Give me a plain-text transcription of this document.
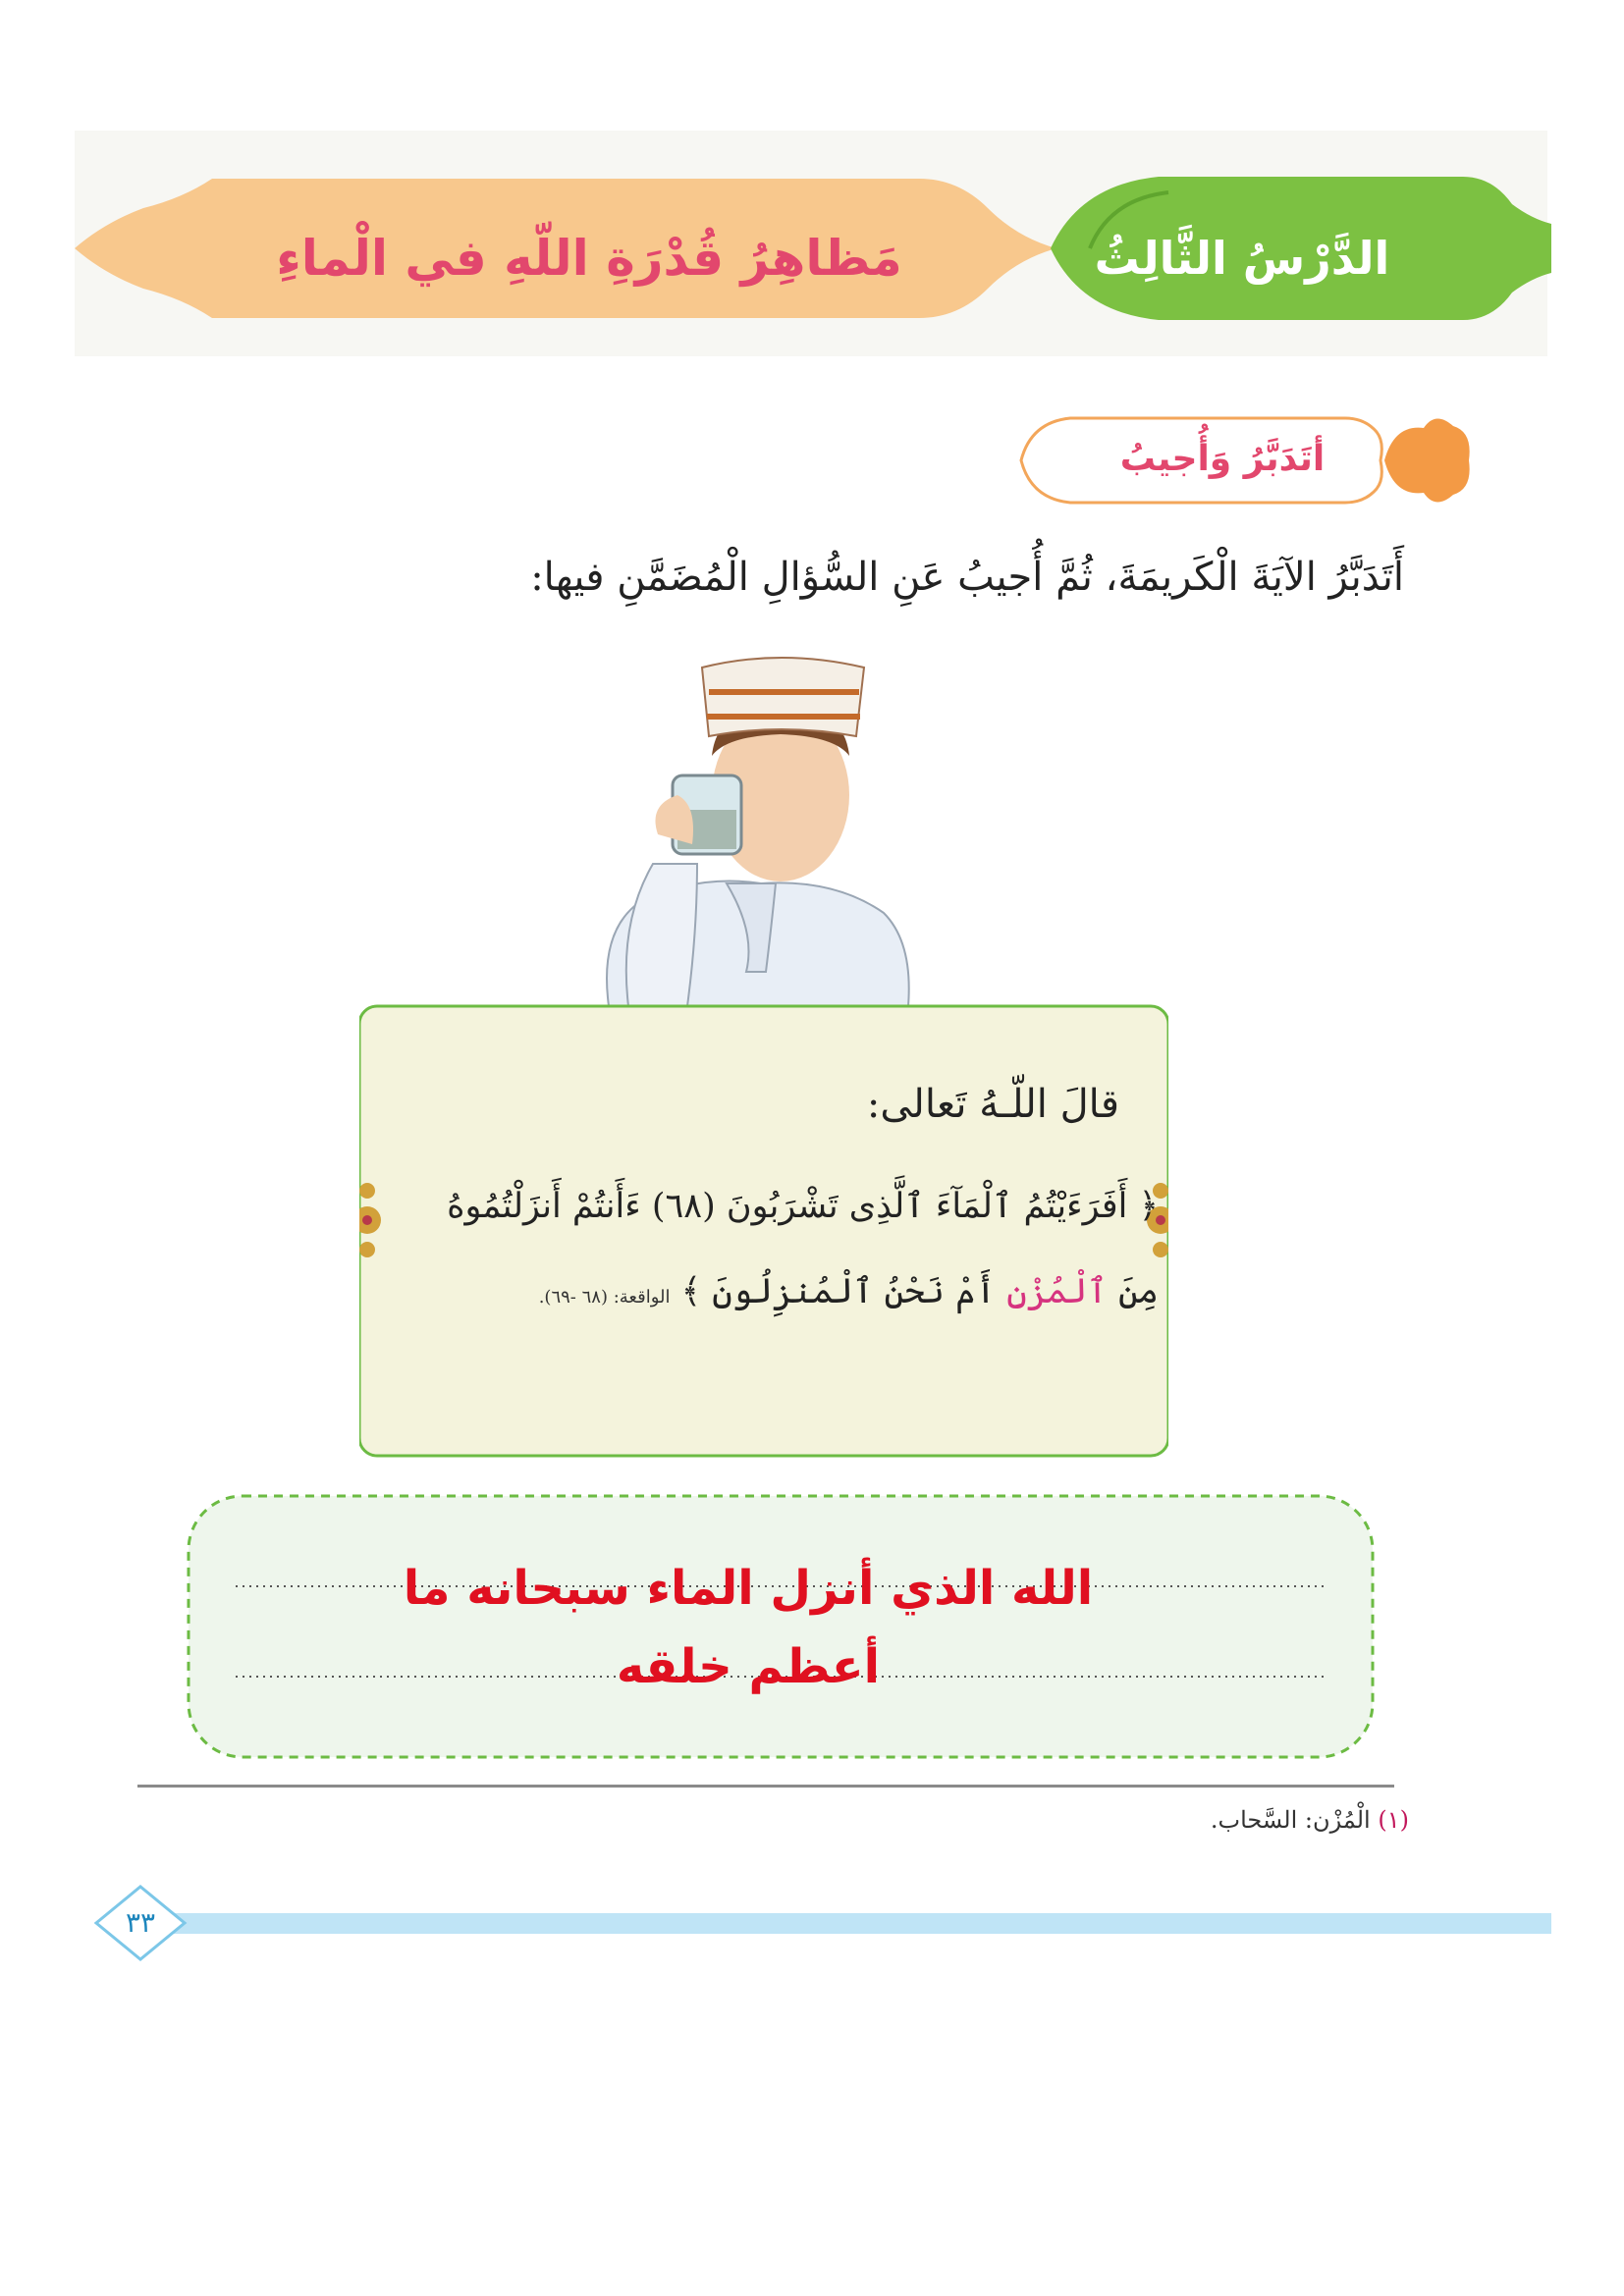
مَظاهِرُ قُدْرَةِ اللّهِ في الْماءِ	الدَّرْسُ الثَّالِثُ
أتَدَبَّرُ وَأُجيبُ
أَتَدَبَّرُ الآيَةَ الْكَريمَةَ، ثُمَّ أُجيبُ عَنِ السُّؤالِ الْمُضَمَّنِ فيها:
قالَ اللّـهُ تَعالى:
﴿ أَفَرَءَيْتُمُ ٱلْمَآءَ ٱلَّذِى تَشْرَبُونَ (٦٨) ءَأَنتُمْ أَنزَلْتُمُوهُ
مِنَ ٱلْمُزْنِ أَمْ نَحْنُ ٱلْمُنزِلُونَ ﴾ الواقعة: (٦٨ -٦٩).
الله الذي أنزل الماء سبحانه ما أعظم خلقه
(١) الْمُزْن: السَّحاب.
٣٣
